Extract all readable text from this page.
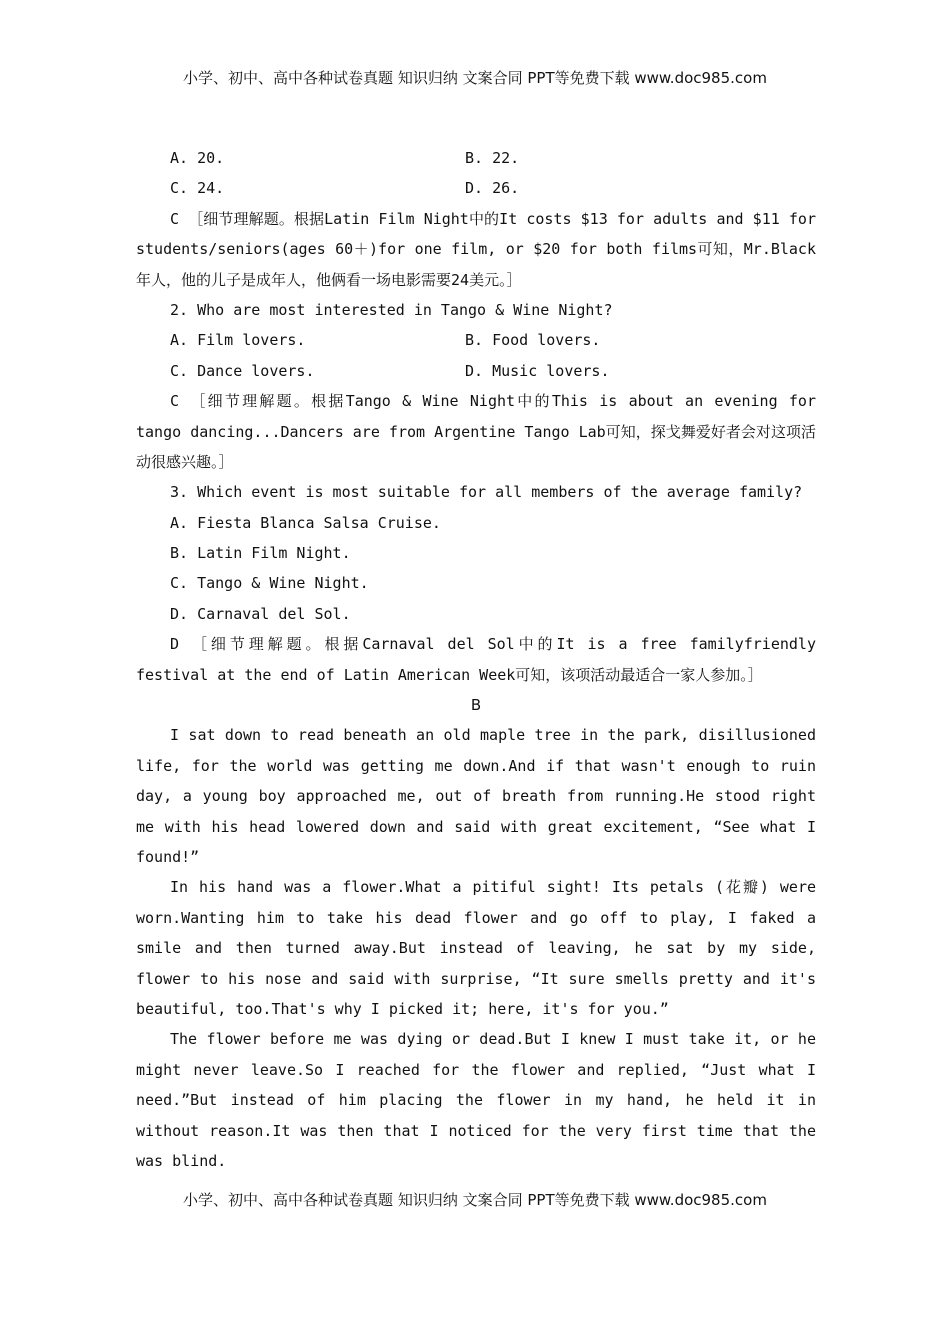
小学、初中、高中各种试卷真题 知识归纳 文案合同 PPT等免费下载 www.doc985.com
A. 20.	B. 22.
C. 24.	D. 26.
C ［细节理解题。根据Latin Film Night中的It costs $13 for adults and $11 for
students/seniors(ages 60＋)for one film, or $20 for both films可知，Mr.Black
年人，他的儿子是成年人，他俩看一场电影需要24美元。］
2. Who are most interested in Tango & Wine Night?
A. Film lovers.	B. Food lovers.
C. Dance lovers.	D. Music lovers.
C ［细节理解题。根据Tango & Wine Night中的This is about an evening for
tango dancing...Dancers are from Argentine Tango Lab可知，探戈舞爱好者会对这项活
动很感兴趣。］
3. Which event is most suitable for all members of the average family?
A. Fiesta Blanca Salsa Cruise.
B. Latin Film Night.
C. Tango & Wine Night.
D. Carnaval del Sol.
D ［细节理解题。根据Carnaval del Sol中的It is a free familyfriendly
festival at the end of Latin American Week可知，该项活动最适合一家人参加。］
B
I sat down to read beneath an old maple tree in the park, disillusioned
life, for the world was getting me down.And if that wasn't enough to ruin
day, a young boy approached me, out of breath from running.He stood right
me with his head lowered down and said with great excitement, “See what I
found!”
In his hand was a flower.What a pitiful sight! Its petals (花瓣) were
worn.Wanting him to take his dead flower and go off to play, I faked a
smile and then turned away.But instead of leaving, he sat by my side,
flower to his nose and said with surprise, “It sure smells pretty and it's
beautiful, too.That's why I picked it; here, it's for you.”
The flower before me was dying or dead.But I knew I must take it, or he
might never leave.So I reached for the flower and replied, “Just what I
need.”But instead of him placing the flower in my hand, he held it in
without reason.It was then that I noticed for the very first time that the
was blind.
小学、初中、高中各种试卷真题 知识归纳 文案合同 PPT等免费下载 www.doc985.com
